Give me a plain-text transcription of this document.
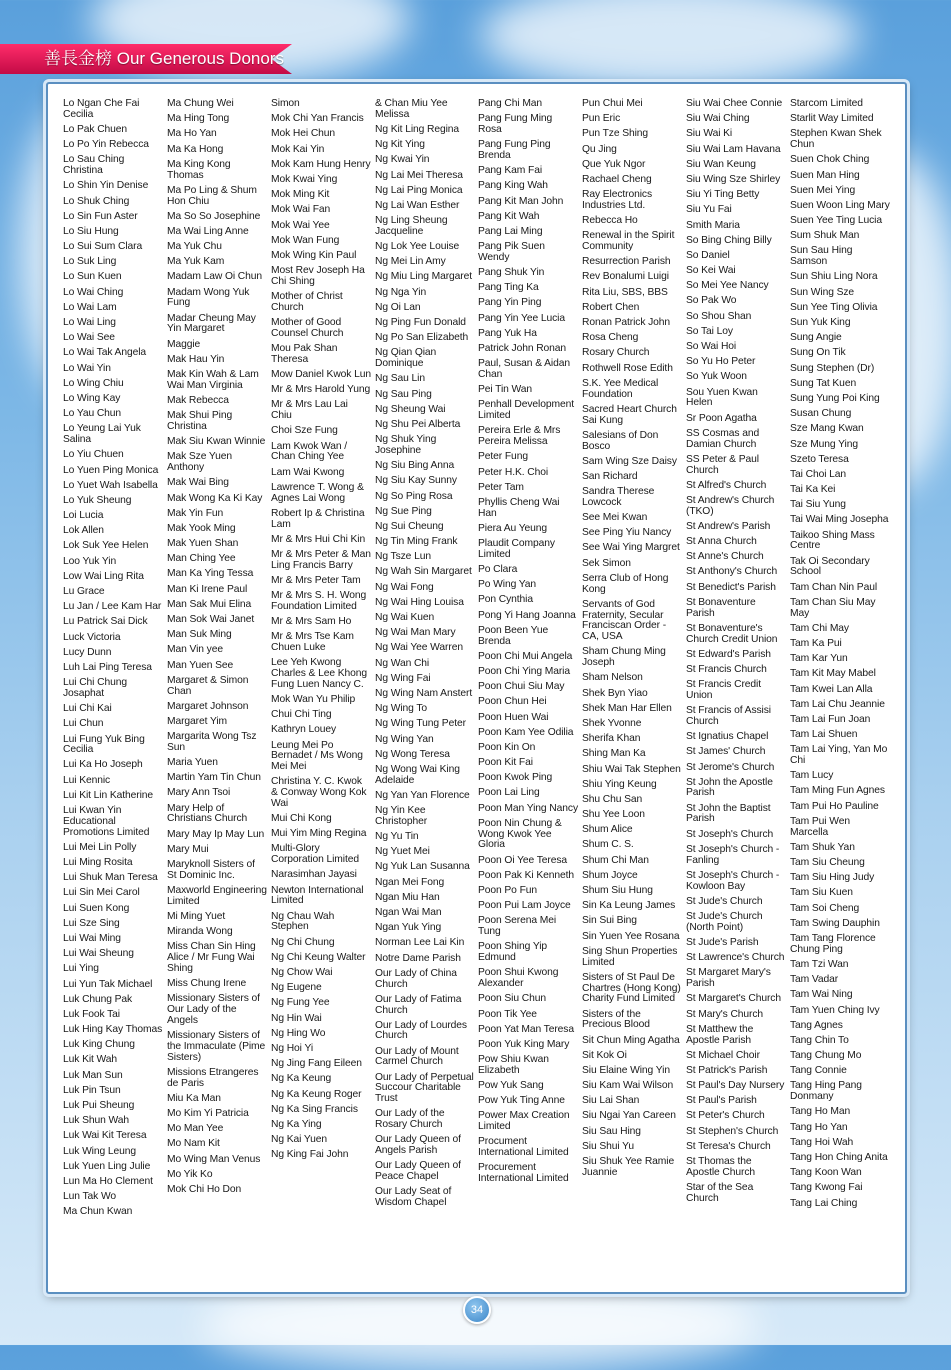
善長金榜 Our Generous Donors
Lo Ngan Che Fai Cecilia
Lo Pak Chuen
Lo Po Yin Rebecca
Lo Sau Ching Christina
Lo Shin Yin Denise
Lo Shuk Ching
Lo Sin Fun Aster
Lo Siu Hung
Lo Sui Sum Clara
Lo Suk Ling
Lo Sun Kuen
Lo Wai Ching
Lo Wai Lam
Lo Wai Ling
Lo Wai See
Lo Wai Tak Angela
Lo Wai Yin
Lo Wing Chiu
Lo Wing Kay
Lo Yau Chun
Lo Yeung Lai Yuk Salina
Lo Yiu Chuen
Lo Yuen Ping Monica
Lo Yuet Wah Isabella
Lo Yuk Sheung
Loi Lucia
Lok Allen
Lok Suk Yee Helen
Loo Yuk Yin
Low Wai Ling Rita
Lu Grace
Lu Jan / Lee Kam Har
Lu Patrick Sai Dick
Luck Victoria
Lucy Dunn
Luh Lai Ping Teresa
Lui Chi Chung Josaphat
Lui Chi Kai
Lui Chun
Lui Fung Yuk Bing Cecilia
Lui Ka Ho Joseph
Lui Kennic
Lui Kit Lin Katherine
Lui Kwan Yin Educational Promotions Limited
Lui Mei Lin Polly
Lui Ming Rosita
Lui Shuk Man Teresa
Lui Sin Mei Carol
Lui Suen Kong
Lui Sze Sing
Lui Wai Ming
Lui Wai Sheung
Lui Ying
Lui Yun Tak Michael
Luk Chung Pak
Luk Fook Tai
Luk Hing Kay Thomas
Luk King Chung
Luk Kit Wah
Luk Man Sun
Luk Pin Tsun
Luk Pui Sheung
Luk Shun Wah
Luk Wai Kit Teresa
Luk Wing Leung
Luk Yuen Ling Julie
Lun Ma Ho Clement
Lun Tak Wo
Ma Chun Kwan
Ma Chung Wei
Ma Hing Tong
Ma Ho Yan
Ma Ka Hong
Ma King Kong Thomas
Ma Po Ling & Shum Hon Chiu
Ma So So Josephine
Ma Wai Ling Anne
Ma Yuk Chu
Ma Yuk Kam
Madam Law Oi Chun
Madam Wong Yuk Fung
Madar Cheung May Yin Margaret
Maggie
Mak Hau Yin
Mak Kin Wah & Lam Wai Man Virginia
Mak Rebecca
Mak Shui Ping Christina
Mak Siu Kwan Winnie
Mak Sze Yuen Anthony
Mak Wai Bing
Mak Wong Ka Ki Kay
Mak Yin Fun
Mak Yook Ming
Mak Yuen Shan
Man Ching Yee
Man Ka Ying Tessa
Man Ki Irene Paul
Man Sak Mui Elina
Man Sok Wai Janet
Man Suk Ming
Man Vin yee
Man Yuen See
Margaret & Simon Chan
Margaret Johnson
Margaret Yim
Margarita Wong Tsz Sun
Maria Yuen
Martin Yam Tin Chun
Mary Ann Tsoi
Mary Help of Christians Church
Mary May Ip May Lun
Mary Mui
Maryknoll Sisters of St Dominic Inc.
Maxworld Engineering Limited
Mi Ming Yuet
Miranda Wong
Miss Chan Sin Hing Alice / Mr Fung Wai Shing
Miss Chung Irene
Missionary Sisters of Our Lady of the Angels
Missionary Sisters of the Immaculate (Pime Sisters)
Missions Etrangeres de Paris
Miu Ka Man
Mo Kim Yi Patricia
Mo Man Yee
Mo Nam Kit
Mo Wing Man Venus
Mo Yik Ko
Mok Chi Ho Don
Simon
Mok Chi Yan Francis
Mok Hei Chun
Mok Kai Yin
Mok Kam Hung Henry
Mok Kwai Ying
Mok Ming Kit
Mok Wai Fan
Mok Wai Yee
Mok Wan Fung
Mok Wing Kin Paul
Most Rev Joseph Ha Chi Shing
Mother of Christ Church
Mother of Good Counsel Church
Mou Pak Shan Theresa
Mow Daniel Kwok Lun
Mr & Mrs Harold Yung
Mr & Mrs Lau Lai Chiu
Choi Sze Fung
Lam Kwok Wan / Chan Ching Yee
Lam Wai Kwong
Lawrence T. Wong & Agnes Lai Wong
Robert Ip & Christina Lam
Mr & Mrs Hui Chi Kin
Mr & Mrs Peter & Man Ling Francis Barry
Mr & Mrs Peter Tam
Mr & Mrs S. H. Wong Foundation Limited
Mr & Mrs Sam Ho
Mr & Mrs Tse Kam Chuen Luke
Lee Yeh Kwong Charles & Lee Khong Fung Luen Nancy C.
Mok Wan Yu Philip
Chui Chi Ting
Kathryn Louey
Leung Mei Po Bernadet / Ms Wong Mei Mei
Christina Y. C. Kwok & Conway Wong Kok Wai
Mui Chi Kong
Mui Yim Ming Regina
Multi-Glory Corporation Limited
Narasimhan Jayasi
Newton International Limited
Ng Chau Wah Stephen
Ng Chi Chung
Ng Chi Keung Walter
Ng Chow Wai
Ng Eugene
Ng Fung Yee
Ng Hin Wai
Ng Hing Wo
Ng Hoi Yi
Ng Jing Fang Eileen
Ng Ka Keung
Ng Ka Keung Roger
Ng Ka Sing Francis
Ng Ka Ying
Ng Kai Yuen
Ng King Fai John
& Chan Miu Yee Melissa
Ng Kit Ling Regina
Ng Kit Ying
Ng Kwai Yin
Ng Lai Mei Theresa
Ng Lai Ping Monica
Ng Lai Wan Esther
Ng Ling Sheung Jacqueline
Ng Lok Yee Louise
Ng Mei Lin Amy
Ng Miu Ling Margaret
Ng Nga Yin
Ng Oi Lan
Ng Ping Fun Donald
Ng Po San Elizabeth
Ng Qian Qian Dominique
Ng Sau Lin
Ng Sau Ping
Ng Sheung Wai
Ng Shu Pei Alberta
Ng Shuk Ying Josephine
Ng Siu Bing Anna
Ng Siu Kay Sunny
Ng So Ping Rosa
Ng Sue Ping
Ng Sui Cheung
Ng Tin Ming Frank
Ng Tsze Lun
Ng Wah Sin Margaret
Ng Wai Fong
Ng Wai Hing Louisa
Ng Wai Kuen
Ng Wai Man Mary
Ng Wai Yee Warren
Ng Wan Chi
Ng Wing Fai
Ng Wing Nam Anstert
Ng Wing To
Ng Wing Tung Peter
Ng Wing Yan
Ng Wong Teresa
Ng Wong Wai King Adelaide
Ng Yan Yan Florence
Ng Yin Kee Christopher
Ng Yu Tin
Ng Yuet Mei
Ng Yuk Lan Susanna
Ngan Mei Fong
Ngan Miu Han
Ngan Wai Man
Ngan Yuk Ying
Norman Lee Lai Kin
Notre Dame Parish
Our Lady of China Church
Our Lady of Fatima Church
Our Lady of Lourdes Church
Our Lady of Mount Carmel Church
Our Lady of Perpetual Succour Charitable Trust
Our Lady of the Rosary Church
Our Lady Queen of Angels Parish
Our Lady Queen of Peace Chapel
Our Lady Seat of Wisdom Chapel
Pang Chi Man
Pang Fung Ming Rosa
Pang Fung Ping Brenda
Pang Kam Fai
Pang King Wah
Pang Kit Man John
Pang Kit Wah
Pang Lai Ming
Pang Pik Suen Wendy
Pang Shuk Yin
Pang Ting Ka
Pang Yin Ping
Pang Yin Yee Lucia
Pang Yuk Ha
Patrick John Ronan
Paul, Susan & Aidan Chan
Pei Tin Wan
Penhall Development Limited
Pereira Erle & Mrs Pereira Melissa
Peter Fung
Peter H.K. Choi
Peter Tam
Phyllis Cheng Wai Han
Piera Au Yeung
Plaudit Company Limited
Po Clara
Po Wing Yan
Pon Cynthia
Pong Yi Hang Joanna
Poon Been Yue Brenda
Poon Chi Mui Angela
Poon Chi Ying Maria
Poon Chui Siu May
Poon Chun Hei
Poon Huen Wai
Poon Kam Yee Odilia
Poon Kin On
Poon Kit Fai
Poon Kwok Ping
Poon Lai Ling
Poon Man Ying Nancy
Poon Nin Chung & Wong Kwok Yee Gloria
Poon Oi Yee Teresa
Poon Pak Ki Kenneth
Poon Po Fun
Poon Pui Lam Joyce
Poon Serena Mei Tung
Poon Shing Yip Edmund
Poon Shui Kwong Alexander
Poon Siu Chun
Poon Tik Yee
Poon Yat Man Teresa
Poon Yuk King Mary
Pow Shiu Kwan Elizabeth
Pow Yuk Sang
Pow Yuk Ting Anne
Power Max Creation Limited
Procument International Limited
Procurement International Limited
Pun Chui Mei
Pun Eric
Pun Tze Shing
Qu Jing
Que Yuk Ngor
Rachael Cheng
Ray Electronics Industries Ltd.
Rebecca Ho
Renewal in the Spirit Community
Resurrection Parish
Rev Bonalumi Luigi
Rita Liu, SBS, BBS
Robert Chen
Ronan Patrick John
Rosa Cheng
Rosary Church
Rothwell Rose Edith
S.K. Yee Medical Foundation
Sacred Heart Church Sai Kung
Salesians of Don Bosco
Sam Wing Sze Daisy
San Richard
Sandra Therese Lowcock
See Mei Kwan
See Ping Yiu Nancy
See Wai Ying Margret
Sek Simon
Serra Club of Hong Kong
Servants of God Fraternity, Secular Franciscan Order - CA, USA
Sham Chung Ming Joseph
Sham Nelson
Shek Byn Yiao
Shek Man Har Ellen
Shek Yvonne
Sherifa Khan
Shing Man Ka
Shiu Wai Tak Stephen
Shiu Ying Keung
Shu Chu San
Shu Yee Loon
Shum Alice
Shum C. S.
Shum Chi Man
Shum Joyce
Shum Siu Hung
Sin Ka Leung James
Sin Sui Bing
Sin Yuen Yee Rosana
Sing Shun Properties Limited
Sisters of St Paul De Chartres (Hong Kong) Charity Fund Limited
Sisters of the Precious Blood
Sit Chun Ming Agatha
Sit Kok Oi
Siu Elaine Wing Yin
Siu Kam Wai Wilson
Siu Lai Shan
Siu Ngai Yan Careen
Siu Sau Hing
Siu Shui Yu
Siu Shuk Yee Ramie Juannie
Siu Wai Chee Connie
Siu Wai Ching
Siu Wai Ki
Siu Wai Lam Havana
Siu Wan Keung
Siu Wing Sze Shirley
Siu Yi Ting Betty
Siu Yu Fai
Smith Maria
So Bing Ching Billy
So Daniel
So Kei Wai
So Mei Yee Nancy
So Pak Wo
So Shou Shan
So Tai Loy
So Wai Hoi
So Yu Ho Peter
So Yuk Woon
Sou Yuen Kwan Helen
Sr Poon Agatha
SS Cosmas and Damian Church
SS Peter & Paul Church
St Alfred's Church
St Andrew's Church (TKO)
St Andrew's Parish
St Anna Church
St Anne's Church
St Anthony's Church
St Benedict's Parish
St Bonaventure Parish
St Bonaventure's Church Credit Union
St Edward's Parish
St Francis Church
St Francis Credit Union
St Francis of Assisi Church
St Ignatius Chapel
St James' Church
St Jerome's Church
St John the Apostle Parish
St John the Baptist Parish
St Joseph's Church
St Joseph's Church - Fanling
St Joseph's Church - Kowloon Bay
St Jude's Church
St Jude's Church (North Point)
St Jude's Parish
St Lawrence's Church
St Margaret Mary's Parish
St Margaret's Church
St Mary's Church
St Matthew the Apostle Parish
St Michael Choir
St Patrick's Parish
St Paul's Day Nursery
St Paul's Parish
St Peter's Church
St Stephen's Church
St Teresa's Church
St Thomas the Apostle Church
Star of the Sea Church
Starcom Limited
Starlit Way Limited
Stephen Kwan Shek Chun
Suen Chok Ching
Suen Man Hing
Suen Mei Ying
Suen Woon Ling Mary
Suen Yee Ting Lucia
Sum Shuk Man
Sun Sau Hing Samson
Sun Shiu Ling Nora
Sun Wing Sze
Sun Yee Ting Olivia
Sun Yuk King
Sung Angie
Sung On Tik
Sung Stephen (Dr)
Sung Tat Kuen
Sung Yung Poi King
Susan Chung
Sze Mang Kwan
Sze Mung Ying
Szeto Teresa
Tai Choi Lan
Tai Ka Kei
Tai Siu Yung
Tai Wai Ming Josepha
Taikoo Shing Mass Centre
Tak Oi Secondary School
Tam Chan Nin Paul
Tam Chan Siu May May
Tam Chi May
Tam Ka Pui
Tam Kar Yun
Tam Kit May Mabel
Tam Kwei Lan Alla
Tam Lai Chu Jeannie
Tam Lai Fun Joan
Tam Lai Shuen
Tam Lai Ying, Yan Mo Chi
Tam Lucy
Tam Ming Fun Agnes
Tam Pui Ho Pauline
Tam Pui Wen Marcella
Tam Shuk Yan
Tam Siu Cheung
Tam Siu Hing Judy
Tam Siu Kuen
Tam Soi Cheng
Tam Swing Dauphin
Tam Tang Florence Chung Ping
Tam Tzi Wan
Tam Vadar
Tam Wai Ning
Tam Yuen Ching Ivy
Tang Agnes
Tang Chin To
Tang Chung Mo
Tang Connie
Tang Hing Pang Donmany
Tang Ho Man
Tang Ho Yan
Tang Hoi Wah
Tang Hon Ching Anita
Tang Koon Wan
Tang Kwong Fai
Tang Lai Ching
34
